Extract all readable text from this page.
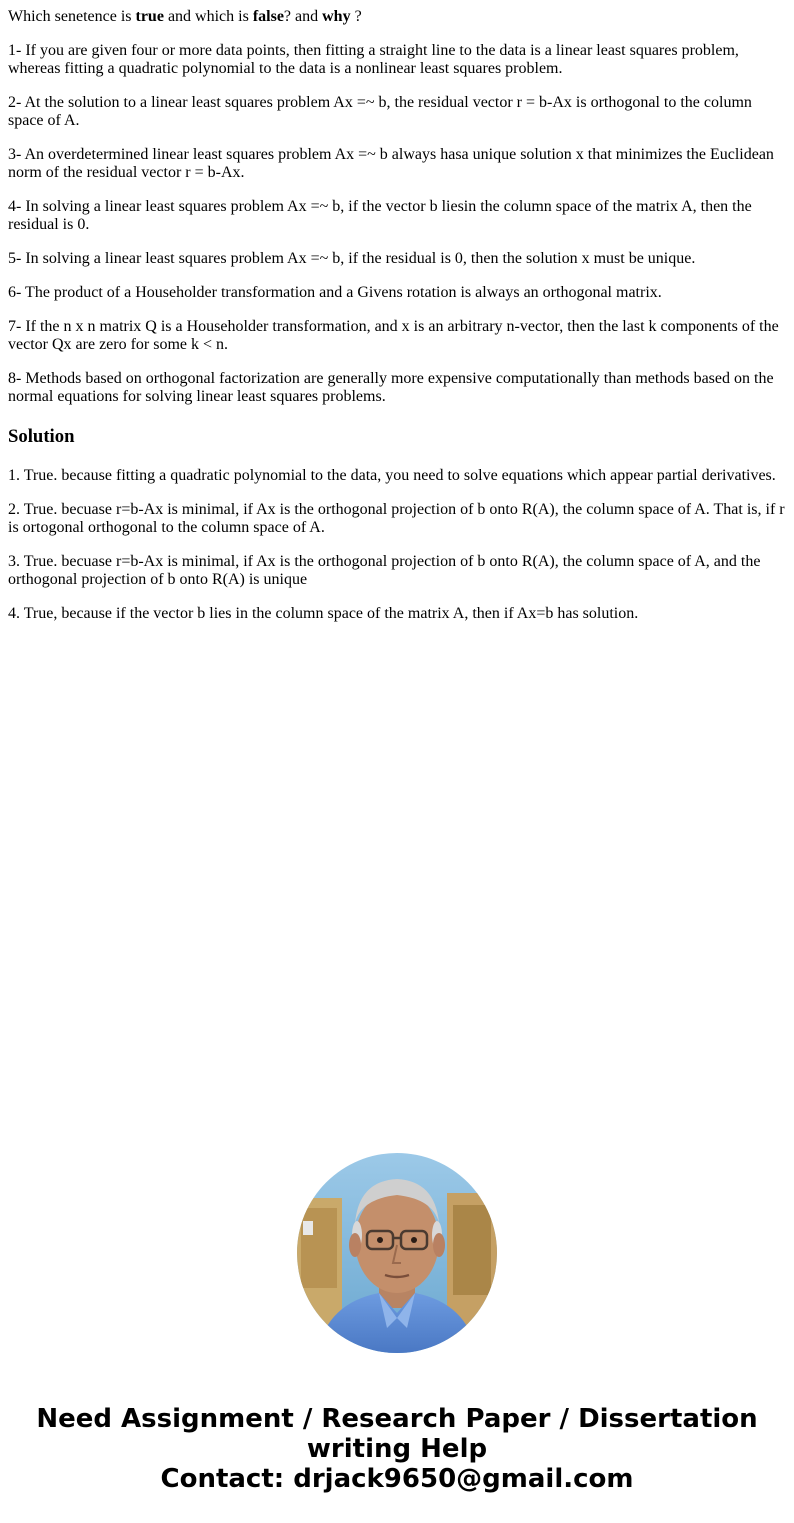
Which senetence is true and which is false? and why ?

1- If you are given four or more data points, then fitting a straight line to the data is a linear least squares problem, whereas fitting a quadratic polynomial to the data is a nonlinear least squares problem.

2- At the solution to a linear least squares problem Ax =~ b, the residual vector r = b-Ax is orthogonal to the column space of A.

3- An overdetermined linear least squares problem Ax =~ b always hasa unique solution x that minimizes the Euclidean norm of the residual vector r = b-Ax.

4- In solving a linear least squares problem Ax =~ b, if the vector b liesin the column space of the matrix A, then the residual is 0.

5- In solving a linear least squares problem Ax =~ b, if the residual is 0, then the solution x must be unique.

6- The product of a Householder transformation and a Givens rotation is always an orthogonal matrix.

7- If the n x n matrix Q is a Householder transformation, and x is an arbitrary n-vector, then the last k components of the vector Qx are zero for some k < n.

8- Methods based on orthogonal factorization are generally more expensive computationally than methods based on the normal equations for solving linear least squares problems.

Solution

1. True. because fitting a quadratic polynomial to the data, you need to solve equations which appear partial derivatives.

2. True. becuase r=b-Ax is minimal, if Ax is the orthogonal projection of b onto R(A), the column space of A. That is, if r is ortogonal orthogonal to the column space of A.

3. True. becuase r=b-Ax is minimal, if Ax is the orthogonal projection of b onto R(A), the column space of A, and the orthogonal projection of b onto R(A) is unique

4. True, because if the vector b lies in the column space of the matrix A, then if Ax=b has solution.

Need Assignment / Research Paper / Dissertation
writing Help
Contact: drjack9650@gmail.com
